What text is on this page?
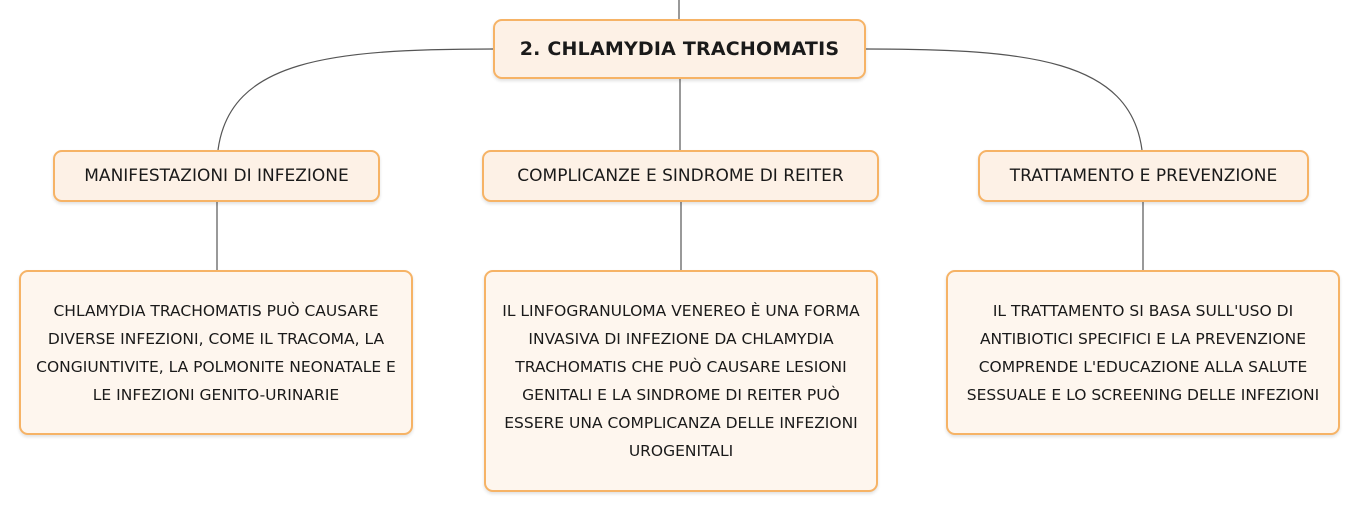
2. CHLAMYDIA TRACHOMATIS
MANIFESTAZIONI DI INFEZIONE	COMPLICANZE E SINDROME DI REITER	TRATTAMENTO E PREVENZIONE
CHLAMYDIA TRACHOMATIS PUÒ CAUSARE DIVERSE INFEZIONI, COME IL TRACOMA, LA CONGIUNTIVITE, LA POLMONITE NEONATALE E LE INFEZIONI GENITO-URINARIE
IL LINFOGRANULOMA VENEREO È UNA FORMA INVASIVA DI INFEZIONE DA CHLAMYDIA TRACHOMATIS CHE PUÒ CAUSARE LESIONI GENITALI E LA SINDROME DI REITER PUÒ ESSERE UNA COMPLICANZA DELLE INFEZIONI UROGENITALI
IL TRATTAMENTO SI BASA SULL'USO DI ANTIBIOTICI SPECIFICI E LA PREVENZIONE COMPRENDE L'EDUCAZIONE ALLA SALUTE SESSUALE E LO SCREENING DELLE INFEZIONI
